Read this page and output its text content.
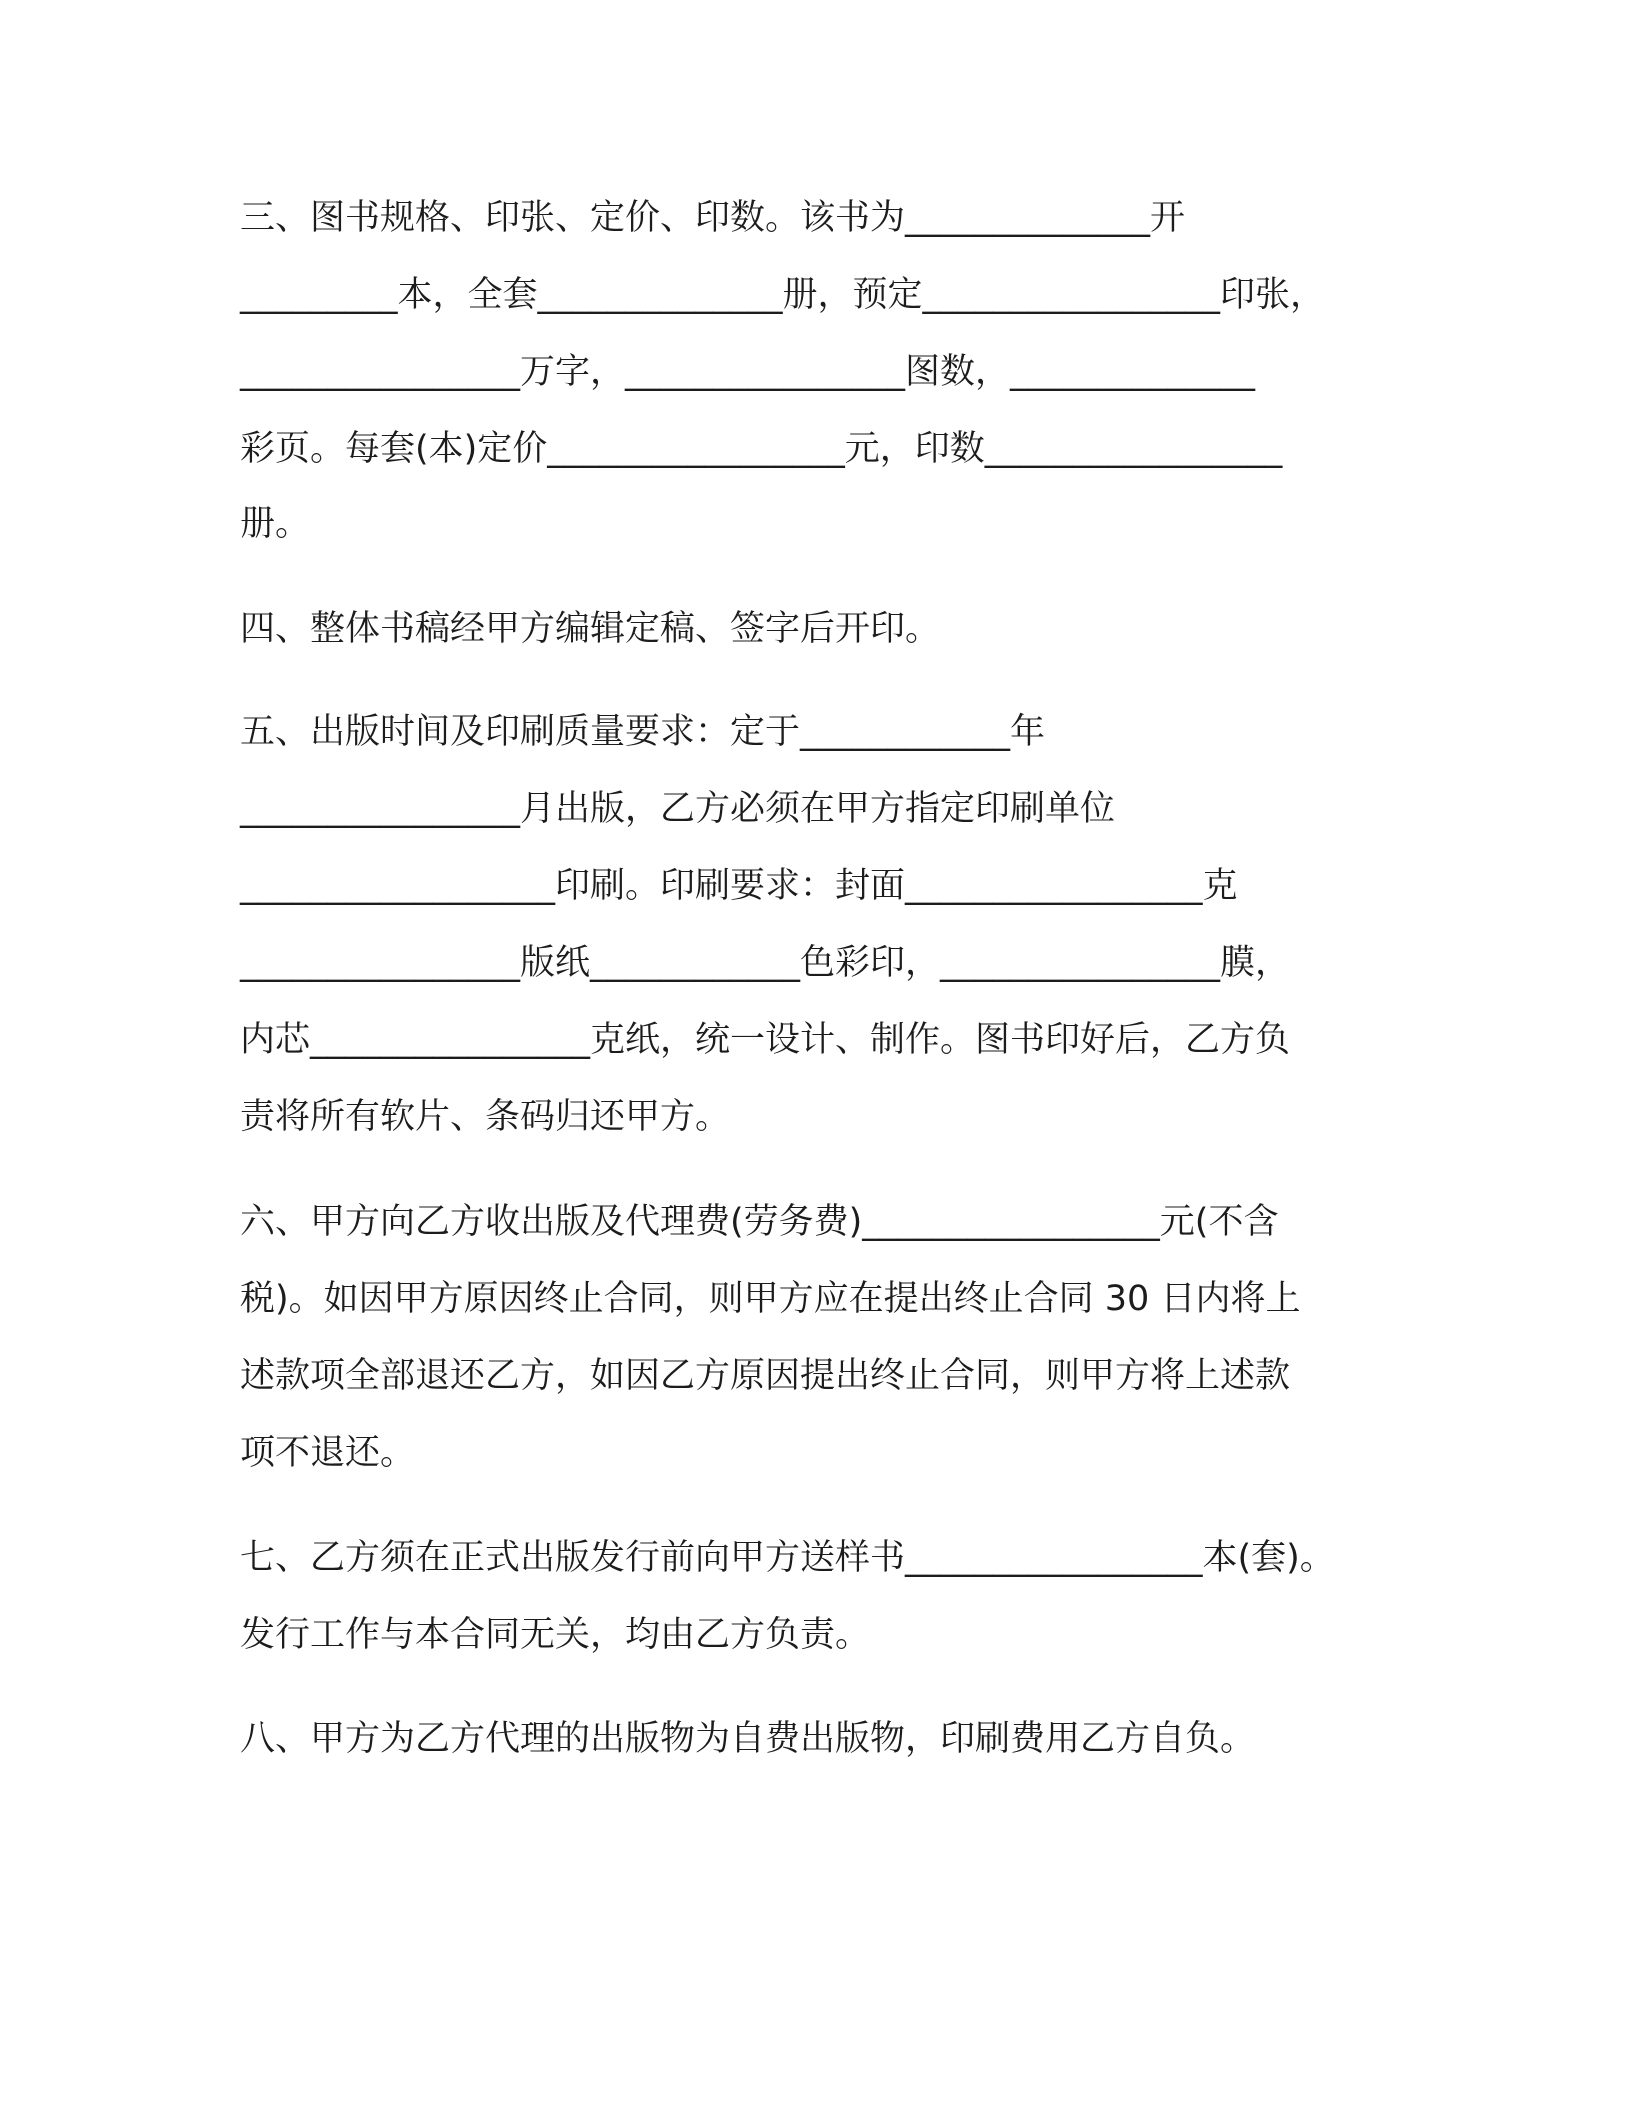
三、图书规格、印张、定价、印数。该书为______________开
_________本，全套______________册，预定_________________印张，
________________万字，________________图数，______________
彩页。每套(本)定价_________________元，印数_________________
册。
四、整体书稿经甲方编辑定稿、签字后开印。
五、出版时间及印刷质量要求：定于____________年
________________月出版，乙方必须在甲方指定印刷单位
__________________印刷。印刷要求：封面_________________克
________________版纸____________色彩印，________________膜，
内芯________________克纸，统一设计、制作。图书印好后，乙方负
责将所有软片、条码归还甲方。
六、甲方向乙方收出版及代理费(劳务费)_________________元(不含
税)。如因甲方原因终止合同，则甲方应在提出终止合同 30 日内将上
述款项全部退还乙方，如因乙方原因提出终止合同，则甲方将上述款
项不退还。
七、乙方须在正式出版发行前向甲方送样书_________________本(套)。
发行工作与本合同无关，均由乙方负责。
八、甲方为乙方代理的出版物为自费出版物，印刷费用乙方自负。
